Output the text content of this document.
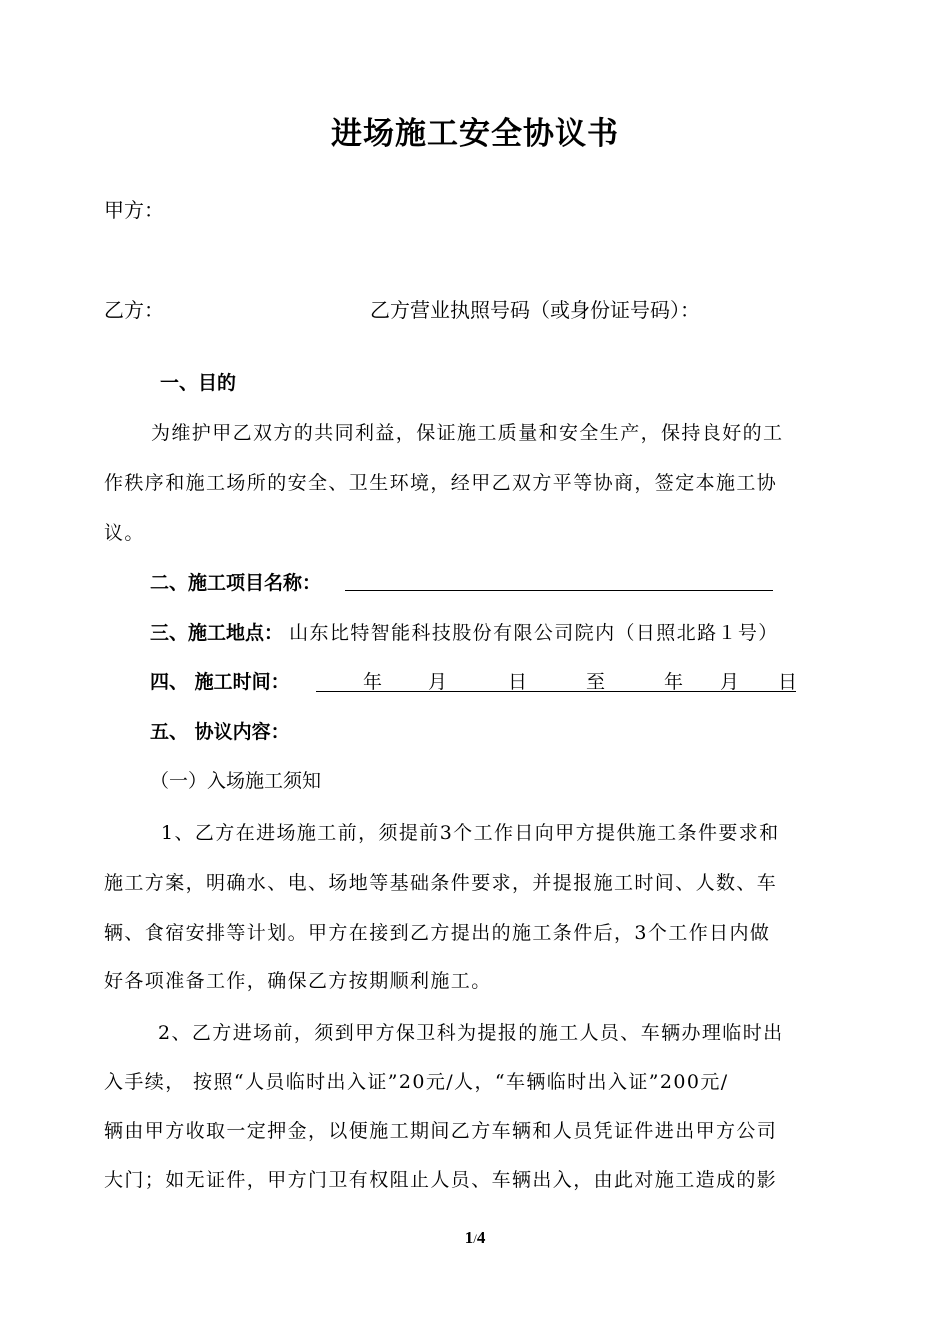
进场施工安全协议书
甲方：
乙方：	乙方营业执照号码（或身份证号码）：
一、目的
为维护甲乙双方的共同利益，保证施工质量和安全生产，保持良好的工
作秩序和施工场所的安全、卫生环境，经甲乙双方平等协商，签定本施工协
议。
二、施工项目名称：
三、施工地点： 山东比特智能科技股份有限公司院内（日照北路１号）
四、 施工时间：	年 月	日	至	年 月 日
五、 协议内容：
（一）入场施工须知
1、乙方在进场施工前，须提前3个工作日向甲方提供施工条件要求和
施工方案，明确水、电、场地等基础条件要求，并提报施工时间、人数、车
辆、食宿安排等计划。甲方在接到乙方提出的施工条件后，3个工作日内做
好各项准备工作，确保乙方按期顺利施工。
2、乙方进场前，须到甲方保卫科为提报的施工人员、车辆办理临时出
入手续， 按照“人员临时出入证”20元/人，“车辆临时出入证”200元/
辆由甲方收取一定押金，以便施工期间乙方车辆和人员凭证件进出甲方公司
大门；如无证件，甲方门卫有权阻止人员、车辆出入，由此对施工造成的影
1/4
